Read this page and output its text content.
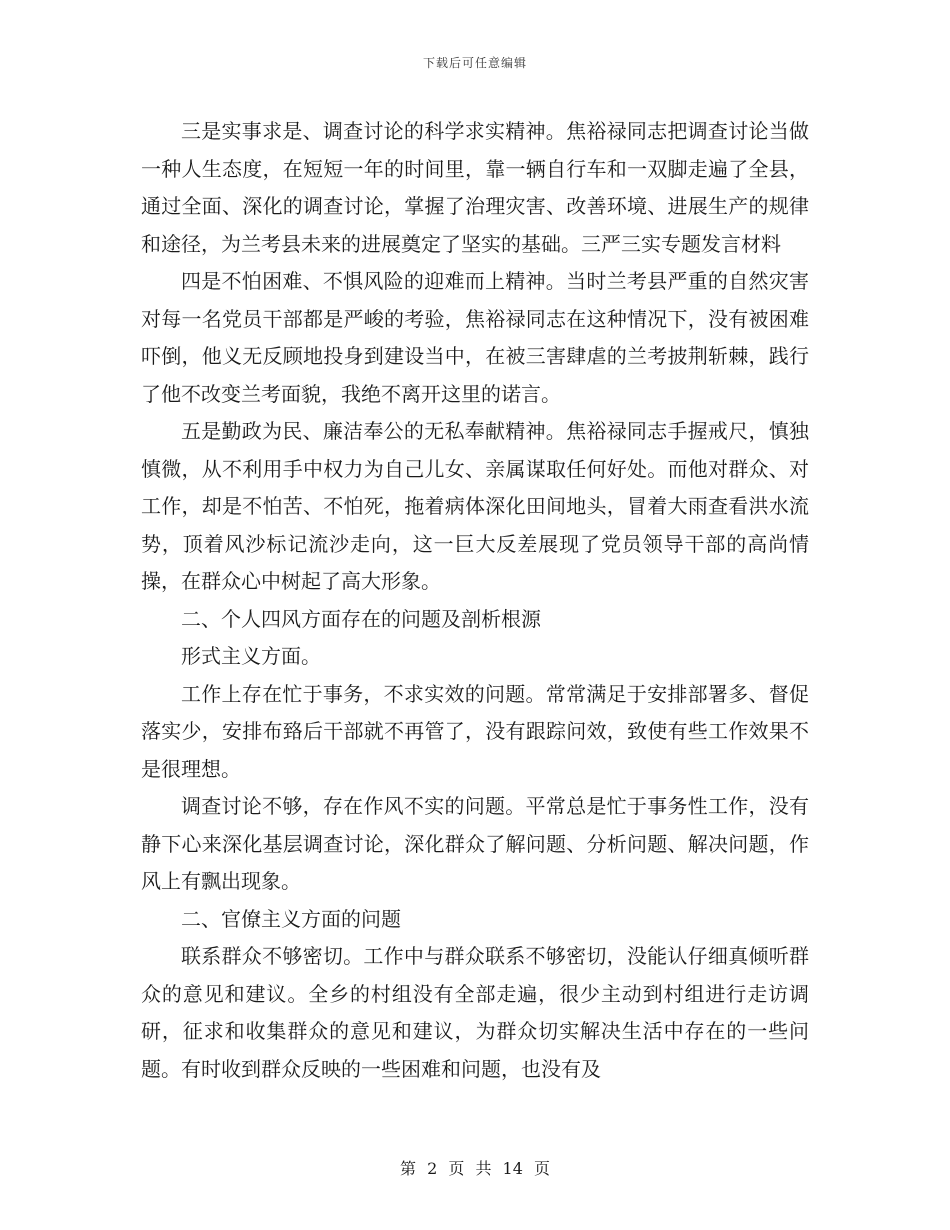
下载后可任意编辑

三是实事求是、调查讨论的科学求实精神。焦裕禄同志把调查讨论当做一种人生态度，在短短一年的时间里，靠一辆自行车和一双脚走遍了全县，通过全面、深化的调查讨论，掌握了治理灾害、改善环境、进展生产的规律和途径，为兰考县未来的进展奠定了坚实的基础。三严三实专题发言材料

四是不怕困难、不惧风险的迎难而上精神。当时兰考县严重的自然灾害对每一名党员干部都是严峻的考验，焦裕禄同志在这种情况下，没有被困难吓倒，他义无反顾地投身到建设当中，在被三害肆虐的兰考披荆斩棘，践行了他不改变兰考面貌，我绝不离开这里的诺言。

五是勤政为民、廉洁奉公的无私奉献精神。焦裕禄同志手握戒尺，慎独慎微，从不利用手中权力为自己儿女、亲属谋取任何好处。而他对群众、对工作，却是不怕苦、不怕死，拖着病体深化田间地头，冒着大雨查看洪水流势，顶着风沙标记流沙走向，这一巨大反差展现了党员领导干部的高尚情操，在群众心中树起了高大形象。

二、个人四风方面存在的问题及剖析根源

形式主义方面。

工作上存在忙于事务，不求实效的问题。常常满足于安排部署多、督促落实少，安排布臵后干部就不再管了，没有跟踪问效，致使有些工作效果不是很理想。

调查讨论不够，存在作风不实的问题。平常总是忙于事务性工作，没有静下心来深化基层调查讨论，深化群众了解问题、分析问题、解决问题，作风上有飘出现象。

二、官僚主义方面的问题

联系群众不够密切。工作中与群众联系不够密切，没能认仔细真倾听群众的意见和建议。全乡的村组没有全部走遍，很少主动到村组进行走访调研，征求和收集群众的意见和建议，为群众切实解决生活中存在的一些问题。有时收到群众反映的一些困难和问题，也没有及

第 2 页 共 14 页
